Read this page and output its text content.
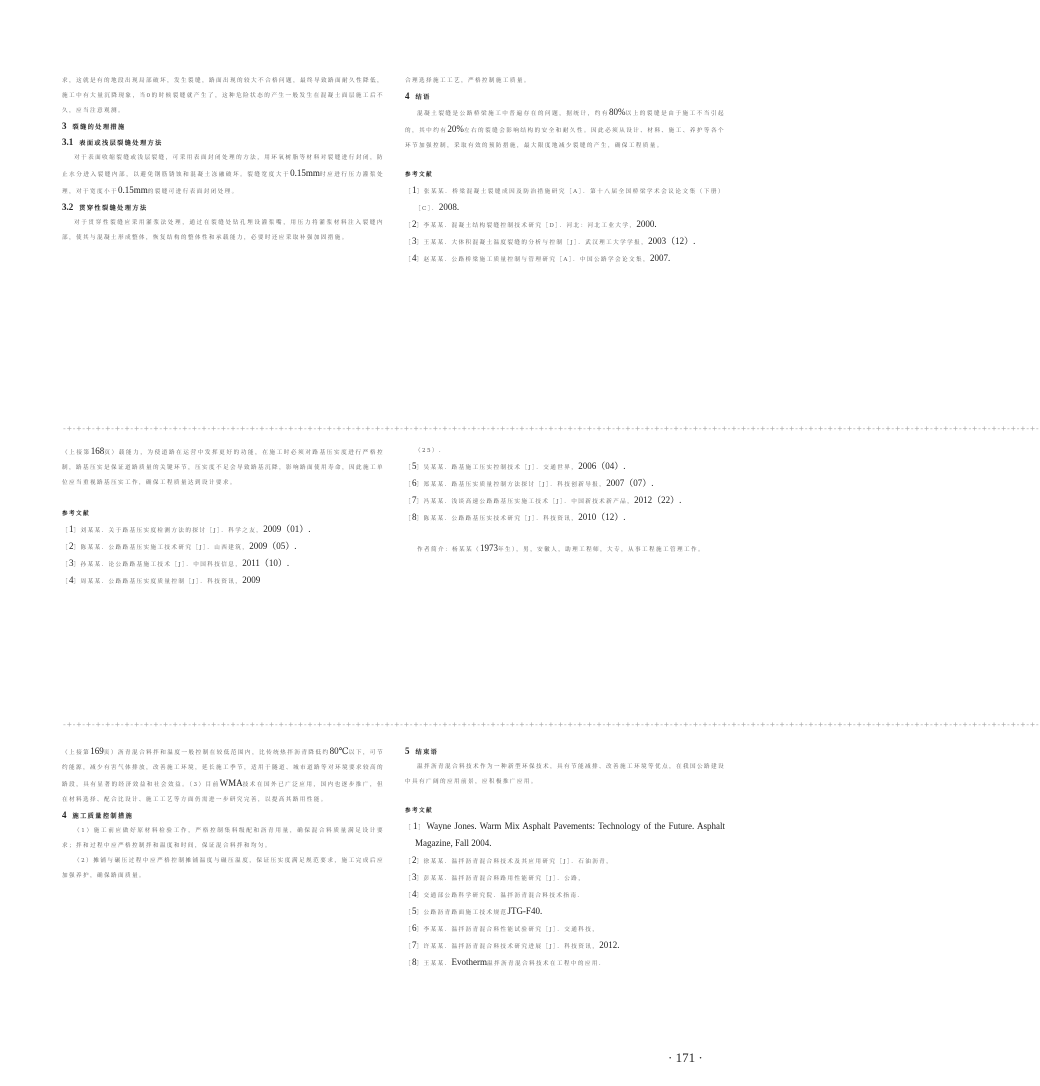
求，这就是有的地段出现局部破坏，发生裂缝，路面出现的较大不合格问题，最终导致路面耐久性降低，施工中有大量沉降现象，当0的时候裂缝就产生了，这种危险状态的产生一般发生在混凝土面层施工后不久，应当注意观测。

3 裂缝的处理措施

3.1 表面或浅层裂缝处理方法

对于表面收缩裂缝或浅层裂缝，可采用表面封闭处理的方法，用环氧树脂等材料对裂缝进行封闭，防止水分进入裂缝内部，以避免钢筋锈蚀和混凝土冻融破坏。裂缝宽度大于0.15mm时应进行压力灌浆处理，对于宽度小于0.15mm的裂缝可进行表面封闭处理。

3.2 贯穿性裂缝处理方法

对于贯穿性裂缝应采用灌浆法处理，通过在裂缝处钻孔埋设灌浆嘴，用压力将灌浆材料注入裂缝内部，使其与混凝土形成整体，恢复结构的整体性和承载能力，必要时还应采取补强加固措施。

合理选择施工工艺，严格控制施工质量。

4 结语

混凝土裂缝是公路桥梁施工中普遍存在的问题，据统计，约有80%以上的裂缝是由于施工不当引起的，其中约有20%左右的裂缝会影响结构的安全和耐久性。因此必须从设计、材料、施工、养护等各个环节加强控制，采取有效的预防措施，最大限度地减少裂缝的产生，确保工程质量。

参考文献

［1］张某某．桥梁混凝土裂缝成因及防治措施研究［A］．第十八届全国桥梁学术会议论文集（下册）［C］．2008.

［2］李某某．混凝土结构裂缝控制技术研究［D］．河北：河北工业大学，2000.

［3］王某某．大体积混凝土温度裂缝的分析与控制［J］．武汉理工大学学报，2003（12）.

［4］赵某某．公路桥梁施工质量控制与管理研究［A］．中国公路学会论文集，2007.

-+-+-+-+-+-+-+-+-+-+-+-+-+-+-+-+-+-+-+-+-+-+-+-+-+-+-+-+-+-+-+-+-+-+-+-+-+-+-+-+-+-+-+-+-+-+-+-+-+-+-+-+-+-+-+-+-+-+-+-+-+-+-+-+-+-+-+-+-+-+-+-+-+-+-+-+-+-+-+-+-+-+-+-+-+-+-+-+-+-+-+-+-+-+-+-+-+-+-+-+-+-

（上接第168页）载能力，为使道路在运营中发挥更好的功能，在施工时必须对路基压实度进行严格控制，路基压实是保证道路质量的关键环节，压实度不足会导致路基沉降，影响路面使用寿命，因此施工单位应当重视路基压实工作，确保工程质量达到设计要求。

参考文献

［1］刘某某．关于路基压实度检测方法的探讨［J］．科学之友，2009（01）.

［2］陈某某．公路路基压实施工技术研究［J］．山西建筑，2009（05）.

［3］孙某某．论公路路基施工技术［J］．中国科技信息，2011（10）.

［4］周某某．公路路基压实度质量控制［J］．科技资讯，2009

（25）.

［5］吴某某．路基施工压实控制技术［J］．交通世界，2006（04）.

［6］郑某某．路基压实质量控制方法探讨［J］．科技创新导报，2007（07）.

［7］冯某某．浅谈高速公路路基压实施工技术［J］．中国新技术新产品，2012（22）.

［8］陈某某．公路路基压实技术研究［J］．科技资讯，2010（12）.

作者简介：杨某某（1973年生），男，安徽人，助理工程师，大专，从事工程施工管理工作。

-+-+-+-+-+-+-+-+-+-+-+-+-+-+-+-+-+-+-+-+-+-+-+-+-+-+-+-+-+-+-+-+-+-+-+-+-+-+-+-+-+-+-+-+-+-+-+-+-+-+-+-+-+-+-+-+-+-+-+-+-+-+-+-+-+-+-+-+-+-+-+-+-+-+-+-+-+-+-+-+-+-+-+-+-+-+-+-+-+-+-+-+-+-+-+-+-+-+-+-+-+-

（上接第169页）沥青混合料拌和温度一般控制在较低范围内，比传统热拌沥青降低约80℃以下，可节约能源，减少有害气体排放，改善施工环境，延长施工季节，适用于隧道、城市道路等对环境要求较高的路段，具有显著的经济效益和社会效益。（3）目前WMA技术在国外已广泛应用，国内也逐步推广，但在材料选择、配合比设计、施工工艺等方面仍需进一步研究完善，以提高其路用性能。

4 施工质量控制措施

（1）施工前应做好原材料检验工作，严格控制集料级配和沥青用量，确保混合料质量满足设计要求；拌和过程中应严格控制拌和温度和时间，保证混合料拌和均匀。

（2）摊铺与碾压过程中应严格控制摊铺温度与碾压温度，保证压实度满足规范要求，施工完成后应加强养护，确保路面质量。

5 结束语

温拌沥青混合料技术作为一种新型环保技术，具有节能减排、改善施工环境等优点，在我国公路建设中具有广阔的应用前景，应积极推广应用。

参考文献

［1］Wayne Jones. Warm Mix Asphalt Pavements: Technology of the Future. Asphalt Magazine, Fall 2004.

［2］徐某某．温拌沥青混合料技术及其应用研究［J］．石油沥青，

［3］彭某某．温拌沥青混合料路用性能研究［J］．公路，

［4］交通部公路科学研究院．温拌沥青混合料技术指南．

［5］公路沥青路面施工技术规范JTG-F40.

［6］李某某．温拌沥青混合料性能试验研究［J］．交通科技，

［7］许某某．温拌沥青混合料技术研究进展［J］．科技资讯，2012.

［8］王某某．Evotherm温拌沥青混合料技术在工程中的应用．

· 171 ·
